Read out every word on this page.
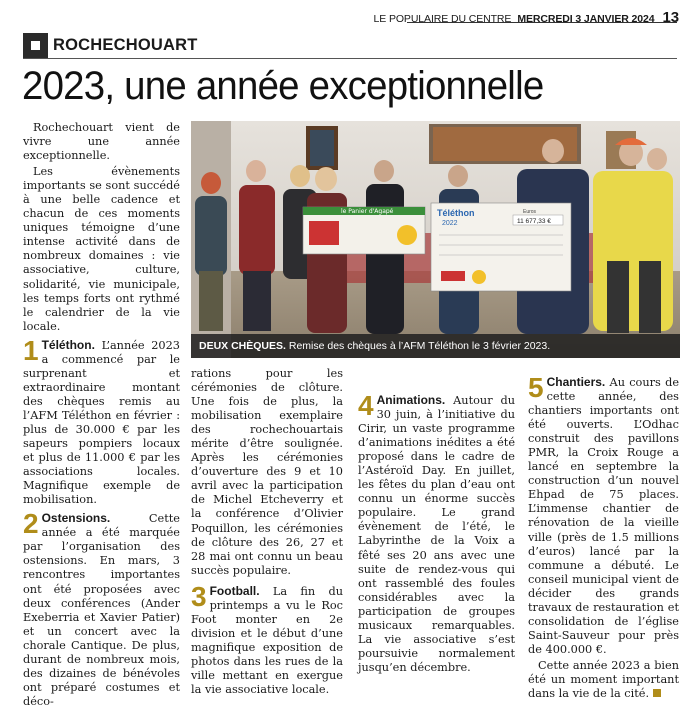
LE POPULAIRE DU CENTRE MERCREDI 3 JANVIER 2024 13
ROCHECHOUART
2023, une année exceptionnelle

Rochechouart vient de vivre une année exceptionnelle.

Les évènements importants se sont succédé à une belle cadence et chacun de ces moments uniques témoigne d’une intense activité dans de nombreux domaines : vie associative, culture, solidarité, vie municipale, les temps forts ont rythmé le calendrier de la vie locale.

1 Téléthon. L’année 2023 a commencé par le surprenant et extraordinaire montant des chèques remis au l’AFM Téléthon en février : plus de 30.000 € par les sapeurs pompiers locaux et plus de 11.000 € par les associations locales. Magnifique exemple de mobilisation.

2 Ostensions.	Cette année a été marquée par l’organisation des ostensions. En mars, 3 rencontres importantes ont été proposées avec deux conférences (Ander Exeberria et Xavier Patier) et un concert avec la chorale Cantique. De plus, durant de nombreux mois, des dizaines de bénévoles ont préparé costumes et déco-

le Panier d'Agapé	Téléthon
2022
Euros
11 677,33 €
DEUX CHÈQUES. Remise des chèques à l’AFM Téléthon le 3 février 2023.

rations pour les cérémonies de clôture. Une fois de plus, la mobilisation exemplaire des rochechouartais mérite d’être soulignée. Après les cérémonies d’ouverture des 9 et 10 avril avec la participation de Michel Etcheverry et la conférence d’Olivier Poquillon, les cérémonies de clôture des 26, 27 et 28 mai ont connu un beau succès populaire.

3 Football. La fin du printemps a vu le Roc Foot monter en 2e division et le début d’une magnifique exposition de photos dans les rues de la ville mettant en exergue la vie associative locale.

4 Animations. Autour du 30 juin, à l’initiative du Cirir, un vaste programme d’animations inédites a été proposé dans le cadre de l’Astéroïd Day. En juillet, les fêtes du plan d’eau ont connu un énorme succès populaire. Le grand évènement de l’été, le Labyrinthe de la Voix a fêté ses 20 ans avec une suite de rendez-vous qui ont rassemblé des foules considérables avec la participation de groupes musicaux remarquables. La vie associative s’est poursuivie normalement jusqu’en décembre.

5 Chantiers. Au cours de cette année, des chantiers importants ont été ouverts. L’Odhac construit des pavillons PMR, la Croix Rouge a lancé en septembre la construction d’un nouvel Ehpad de 75 places. L’immense chantier de rénovation de la vieille ville (près de 1.5 millions d’euros) lancé par la commune a débuté. Le conseil municipal vient de décider des grands travaux de restauration et consolidation de l’église Saint-Sauveur pour près de 400.000 €.

Cette année 2023 a bien été un moment important dans la vie de la cité.
